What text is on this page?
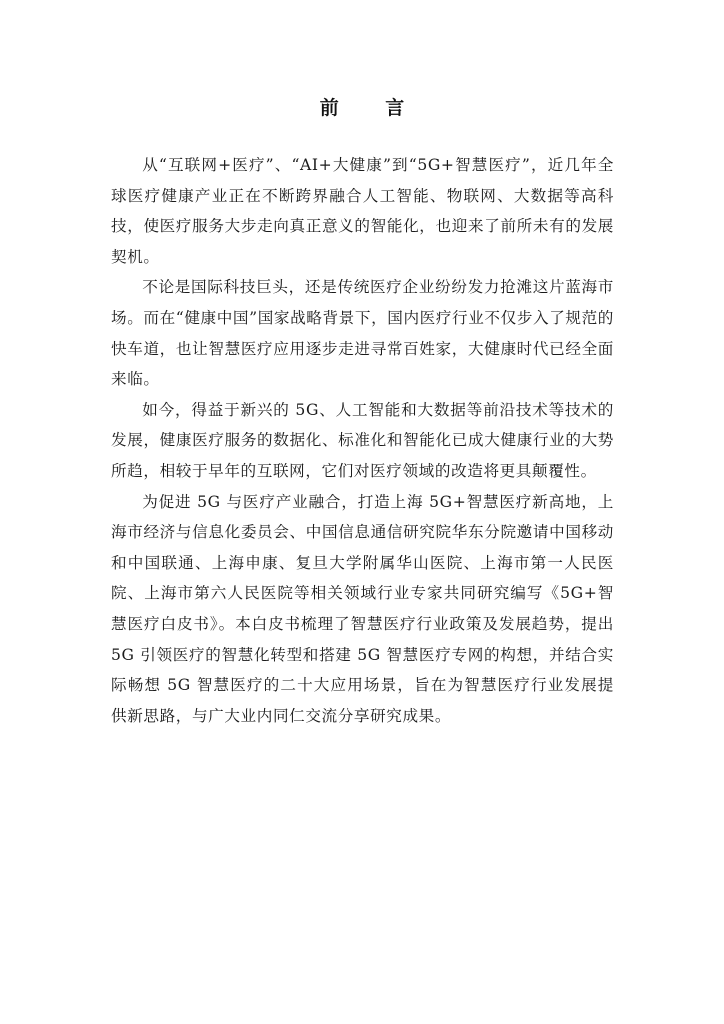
前 言

从“互联网+医疗”、“AI+大健康”到“5G+智慧医疗”，近几年全球医疗健康产业正在不断跨界融合人工智能、物联网、大数据等高科技，使医疗服务大步走向真正意义的智能化，也迎来了前所未有的发展契机。

不论是国际科技巨头，还是传统医疗企业纷纷发力抢滩这片蓝海市场。而在“健康中国”国家战略背景下，国内医疗行业不仅步入了规范的快车道，也让智慧医疗应用逐步走进寻常百姓家，大健康时代已经全面来临。

如今，得益于新兴的 5G、人工智能和大数据等前沿技术等技术的发展，健康医疗服务的数据化、标准化和智能化已成大健康行业的大势所趋，相较于早年的互联网，它们对医疗领域的改造将更具颠覆性。

为促进 5G 与医疗产业融合，打造上海 5G+智慧医疗新高地，上海市经济与信息化委员会、中国信息通信研究院华东分院邀请中国移动和中国联通、上海申康、复旦大学附属华山医院、上海市第一人民医院、上海市第六人民医院等相关领域行业专家共同研究编写《5G+智慧医疗白皮书》。本白皮书梳理了智慧医疗行业政策及发展趋势，提出 5G 引领医疗的智慧化转型和搭建 5G 智慧医疗专网的构想，并结合实际畅想 5G 智慧医疗的二十大应用场景，旨在为智慧医疗行业发展提供新思路，与广大业内同仁交流分享研究成果。
